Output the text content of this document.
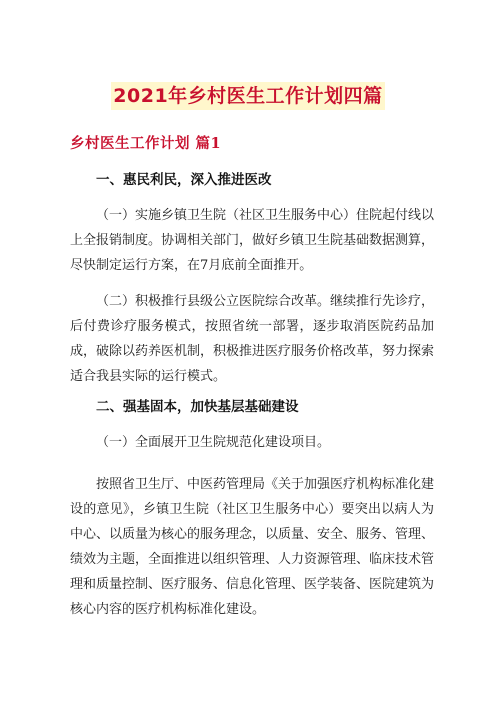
2021年乡村医生工作计划四篇
乡村医生工作计划 篇1
一、惠民利民，深入推进医改

（一）实施乡镇卫生院（社区卫生服务中心）住院起付线以上全报销制度。协调相关部门，做好乡镇卫生院基础数据测算，尽快制定运行方案，在7月底前全面推开。

（二）积极推行县级公立医院综合改革。继续推行先诊疗，后付费诊疗服务模式，按照省统一部署，逐步取消医院药品加成，破除以药养医机制，积极推进医疗服务价格改革，努力探索适合我县实际的运行模式。

二、强基固本，加快基层基础建设

（一）全面展开卫生院规范化建设项目。

按照省卫生厅、中医药管理局《关于加强医疗机构标准化建设的意见》，乡镇卫生院（社区卫生服务中心）要突出以病人为中心、以质量为核心的服务理念，以质量、安全、服务、管理、绩效为主题，全面推进以组织管理、人力资源管理、临床技术管理和质量控制、医疗服务、信息化管理、医学装备、医院建筑为核心内容的医疗机构标准化建设。
